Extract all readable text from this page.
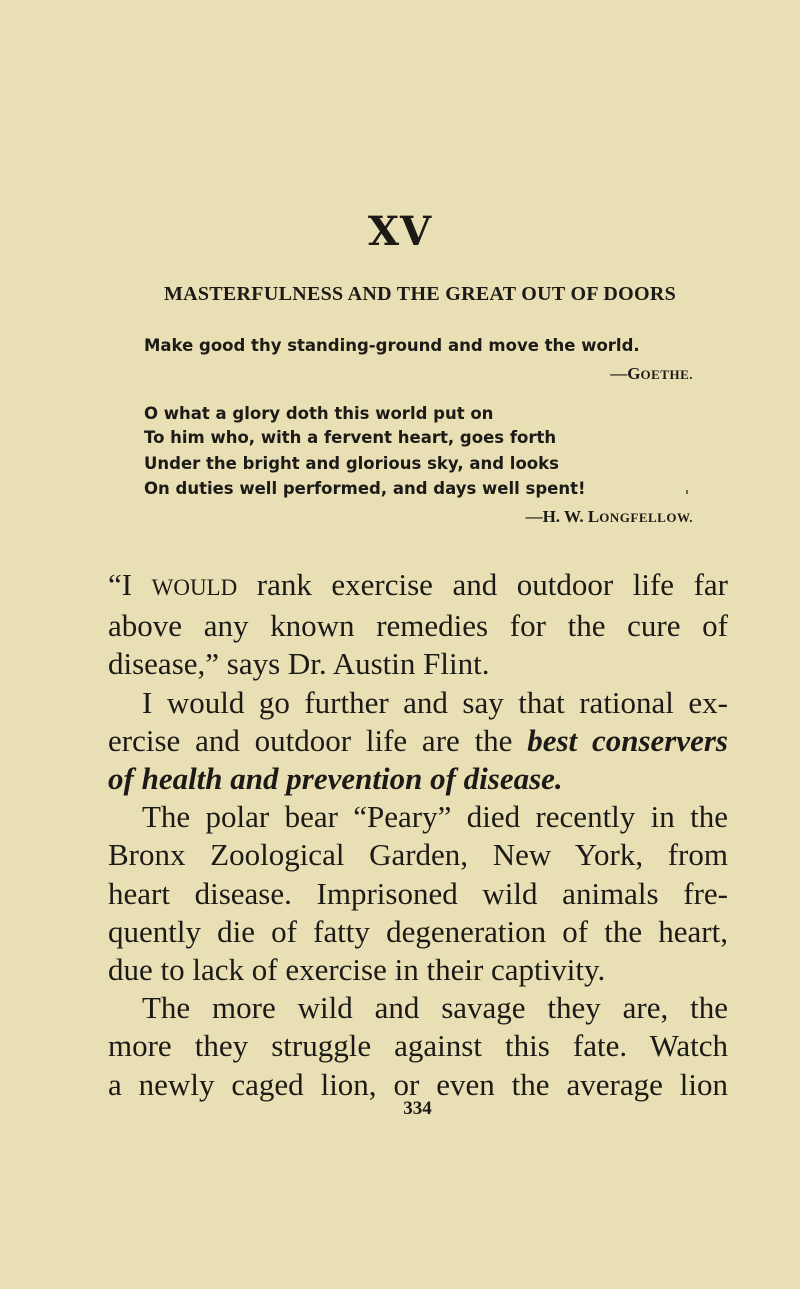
XV
MASTERFULNESS AND THE GREAT OUT OF DOORS
Make good thy standing-ground and move the world.
—GOETHE.
O what a glory doth this world put on
To him who, with a fervent heart, goes forth
Under the bright and glorious sky, and looks
On duties well performed, and days well spent!
—H. W. LONGFELLOW.
“I WOULD rank exercise and outdoor life far
above any known remedies for the cure of
disease,” says Dr. Austin Flint.
I would go further and say that rational ex-
ercise and outdoor life are the best conservers
of health and prevention of disease.
The polar bear “Peary” died recently in the
Bronx Zoological Garden, New York, from
heart disease. Imprisoned wild animals fre-
quently die of fatty degeneration of the heart,
due to lack of exercise in their captivity.
The more wild and savage they are, the
more they struggle against this fate. Watch
a newly caged lion, or even the average lion
334
